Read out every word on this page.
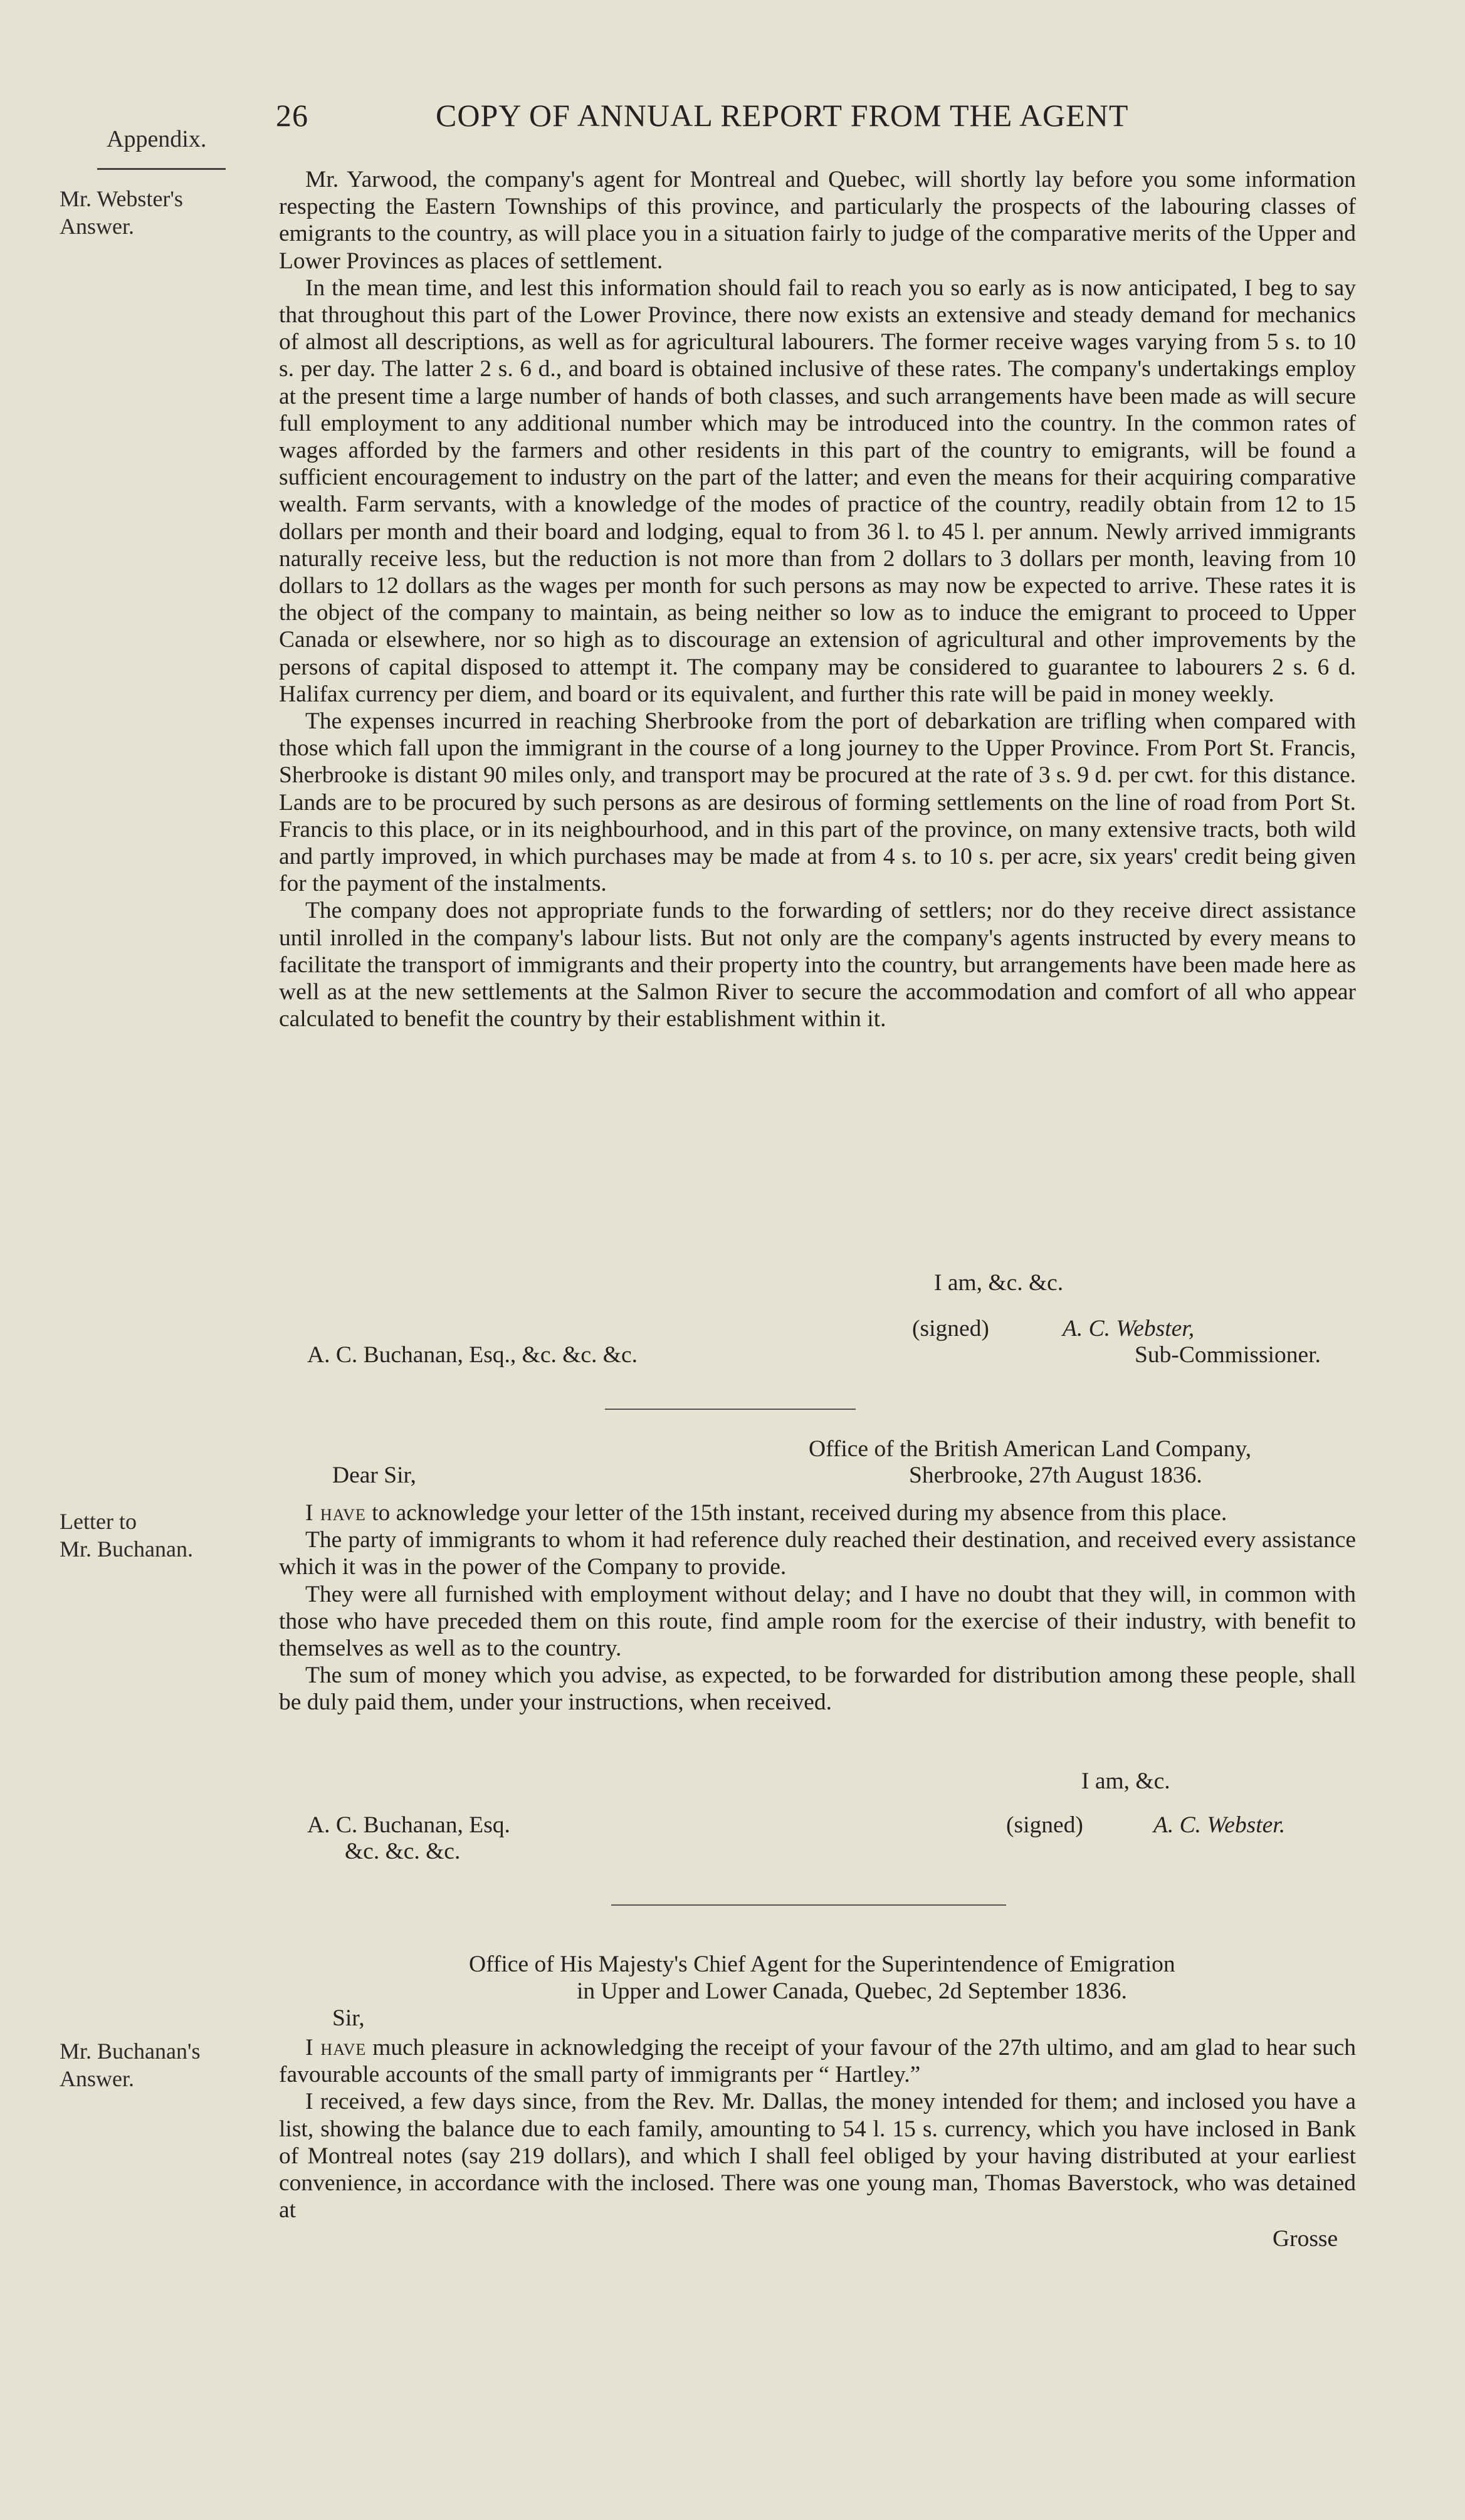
Appendix.
26	COPY OF ANNUAL REPORT FROM THE AGENT
Mr. Webster's
Answer.
Letter to
Mr. Buchanan.
Mr. Buchanan's
Answer.

Mr. Yarwood, the company's agent for Montreal and Quebec, will shortly lay before you some information respecting the Eastern Townships of this province, and particularly the prospects of the labouring classes of emigrants to the country, as will place you in a situation fairly to judge of the comparative merits of the Upper and Lower Provinces as places of settlement.

In the mean time, and lest this information should fail to reach you so early as is now anticipated, I beg to say that throughout this part of the Lower Province, there now exists an extensive and steady demand for mechanics of almost all descriptions, as well as for agricultural labourers. The former receive wages varying from 5 s. to 10 s. per day. The latter 2 s. 6 d., and board is obtained inclusive of these rates. The company's undertakings employ at the present time a large number of hands of both classes, and such arrangements have been made as will secure full employment to any additional number which may be introduced into the country. In the common rates of wages afforded by the farmers and other residents in this part of the country to emigrants, will be found a sufficient encouragement to industry on the part of the latter; and even the means for their acquiring comparative wealth. Farm servants, with a knowledge of the modes of practice of the country, readily obtain from 12 to 15 dollars per month and their board and lodging, equal to from 36 l. to 45 l. per annum. Newly arrived immigrants naturally receive less, but the reduction is not more than from 2 dollars to 3 dollars per month, leaving from 10 dollars to 12 dollars as the wages per month for such persons as may now be expected to arrive. These rates it is the object of the company to maintain, as being neither so low as to induce the emigrant to proceed to Upper Canada or elsewhere, nor so high as to discourage an extension of agricultural and other improvements by the persons of capital disposed to attempt it. The company may be considered to guarantee to labourers 2 s. 6 d. Halifax currency per diem, and board or its equivalent, and further this rate will be paid in money weekly.

The expenses incurred in reaching Sherbrooke from the port of debarkation are trifling when compared with those which fall upon the immigrant in the course of a long journey to the Upper Province. From Port St. Francis, Sherbrooke is distant 90 miles only, and transport may be procured at the rate of 3 s. 9 d. per cwt. for this distance. Lands are to be procured by such persons as are desirous of forming settlements on the line of road from Port St. Francis to this place, or in its neighbourhood, and in this part of the province, on many extensive tracts, both wild and partly improved, in which purchases may be made at from 4 s. to 10 s. per acre, six years' credit being given for the payment of the instalments.

The company does not appropriate funds to the forwarding of settlers; nor do they receive direct assistance until inrolled in the company's labour lists. But not only are the company's agents instructed by every means to facilitate the transport of immigrants and their property into the country, but arrangements have been made here as well as at the new settlements at the Salmon River to secure the accommodation and comfort of all who appear calculated to benefit the country by their establishment within it.

I am, &c. &c.
(signed)	A. C. Webster,
A. C. Buchanan, Esq., &c. &c. &c.	Sub-Commissioner.
Office of the British American Land Company,
Dear Sir,	Sherbrooke, 27th August 1836.

I have to acknowledge your letter of the 15th instant, received during my absence from this place.

The party of immigrants to whom it had reference duly reached their destination, and received every assistance which it was in the power of the Company to provide.

They were all furnished with employment without delay; and I have no doubt that they will, in common with those who have preceded them on this route, find ample room for the exercise of their industry, with benefit to themselves as well as to the country.

The sum of money which you advise, as expected, to be forwarded for distribution among these people, shall be duly paid them, under your instructions, when received.

I am, &c.
A. C. Buchanan, Esq.	(signed)	A. C. Webster.
&c. &c. &c.
Office of His Majesty's Chief Agent for the Superintendence of Emigration
in Upper and Lower Canada, Quebec, 2d September 1836.
Sir,

I have much pleasure in acknowledging the receipt of your favour of the 27th ultimo, and am glad to hear such favourable accounts of the small party of immigrants per “ Hartley.”

I received, a few days since, from the Rev. Mr. Dallas, the money intended for them; and inclosed you have a list, showing the balance due to each family, amounting to 54 l. 15 s. currency, which you have inclosed in Bank of Montreal notes (say 219 dollars), and which I shall feel obliged by your having distributed at your earliest convenience, in accordance with the inclosed. There was one young man, Thomas Baverstock, who was detained at

Grosse
